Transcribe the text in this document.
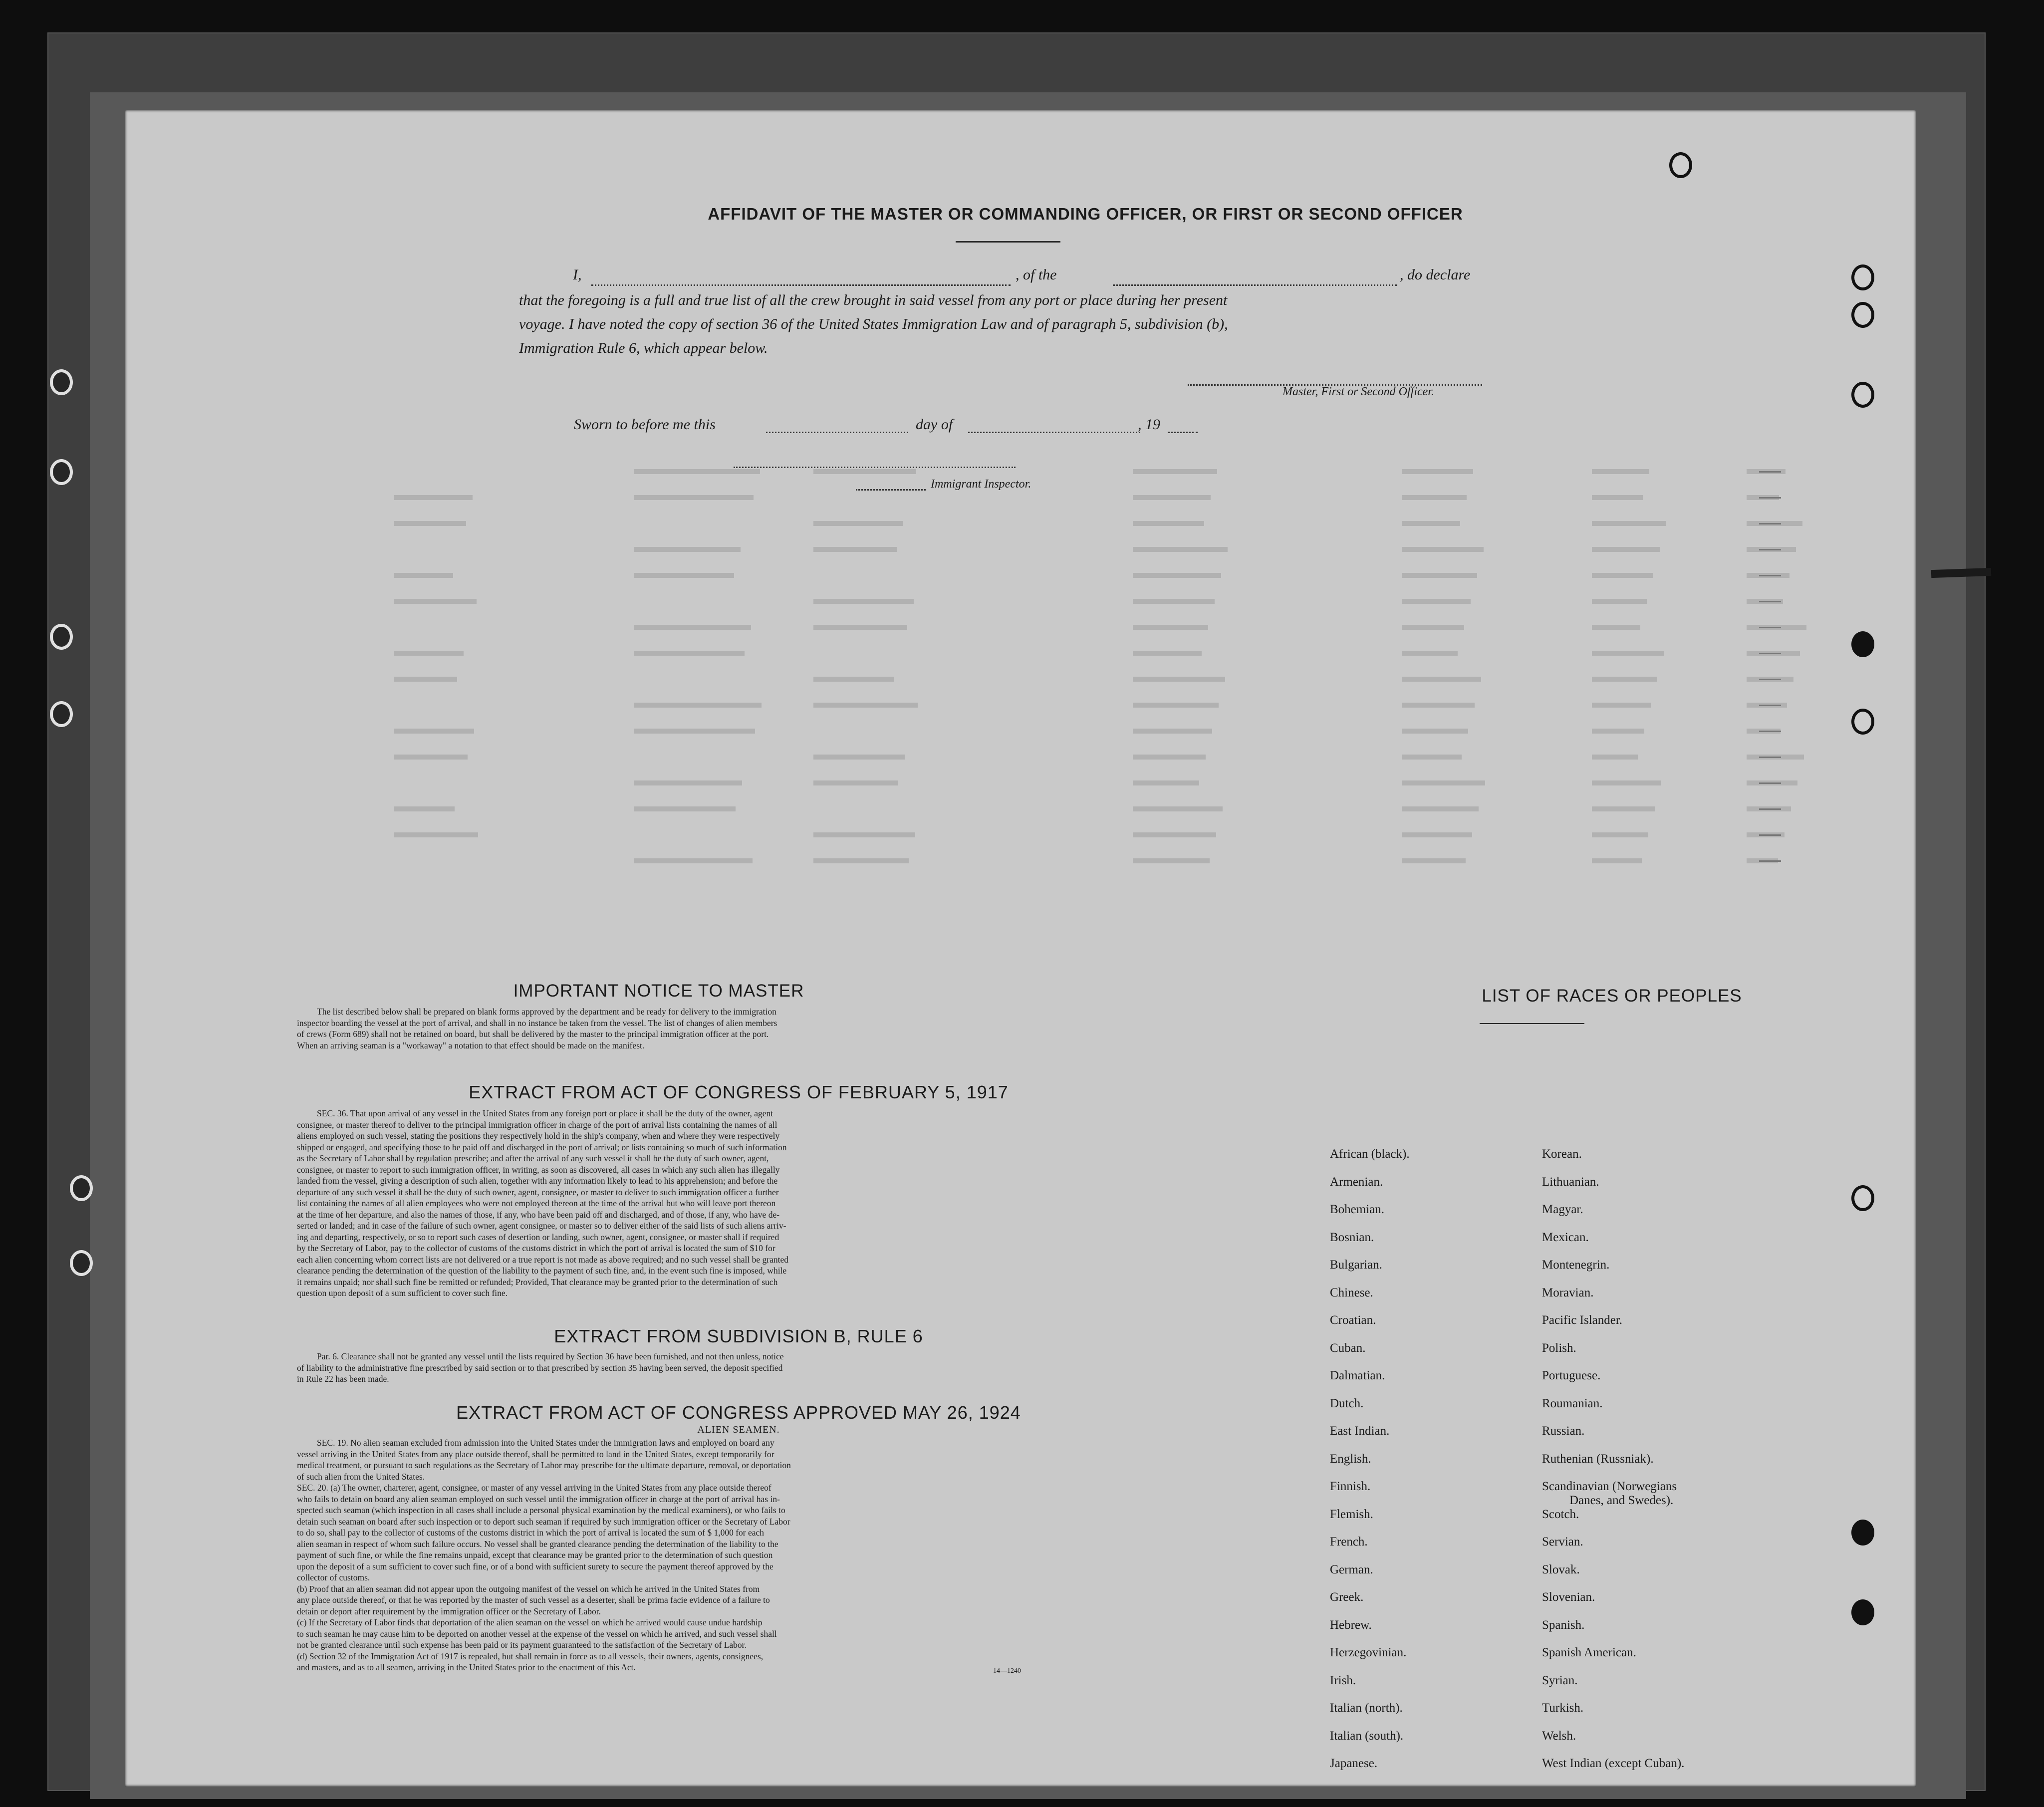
AFFIDAVIT OF THE MASTER OR COMMANDING OFFICER, OR FIRST OR SECOND OFFICER
I,	, of the	, do declare
that the foregoing is a full and true list of all the crew brought in said vessel from any port or place during her present
voyage. I have noted the copy of section 36 of the United States Immigration Law and of paragraph 5, subdivision (b),
Immigration Rule 6, which appear below.
Master, First or Second Officer.
Sworn to before me this	day of	, 19
Immigrant Inspector.
IMPORTANT NOTICE TO MASTER
The list described below shall be prepared on blank forms approved by the department and be ready for delivery to the immigration
inspector boarding the vessel at the port of arrival, and shall in no instance be taken from the vessel. The list of changes of alien members
of crews (Form 689) shall not be retained on board, but shall be delivered by the master to the principal immigration officer at the port.
When an arriving seaman is a "workaway" a notation to that effect should be made on the manifest.
EXTRACT FROM ACT OF CONGRESS OF FEBRUARY 5, 1917
SEC. 36. That upon arrival of any vessel in the United States from any foreign port or place it shall be the duty of the owner, agent
consignee, or master thereof to deliver to the principal immigration officer in charge of the port of arrival lists containing the names of all
aliens employed on such vessel, stating the positions they respectively hold in the ship's company, when and where they were respectively
shipped or engaged, and specifying those to be paid off and discharged in the port of arrival; or lists containing so much of such information
as the Secretary of Labor shall by regulation prescribe; and after the arrival of any such vessel it shall be the duty of such owner, agent,
consignee, or master to report to such immigration officer, in writing, as soon as discovered, all cases in which any such alien has illegally
landed from the vessel, giving a description of such alien, together with any information likely to lead to his apprehension; and before the
departure of any such vessel it shall be the duty of such owner, agent, consignee, or master to deliver to such immigration officer a further
list containing the names of all alien employees who were not employed thereon at the time of the arrival but who will leave port thereon
at the time of her departure, and also the names of those, if any, who have been paid off and discharged, and of those, if any, who have de-
serted or landed; and in case of the failure of such owner, agent consignee, or master so to deliver either of the said lists of such aliens arriv-
ing and departing, respectively, or so to report such cases of desertion or landing, such owner, agent, consignee, or master shall if required
by the Secretary of Labor, pay to the collector of customs of the customs district in which the port of arrival is located the sum of $10 for
each alien concerning whom correct lists are not delivered or a true report is not made as above required; and no such vessel shall be granted
clearance pending the determination of the question of the liability to the payment of such fine, and, in the event such fine is imposed, while
it remains unpaid; nor shall such fine be remitted or refunded; Provided, That clearance may be granted prior to the determination of such
question upon deposit of a sum sufficient to cover such fine.
EXTRACT FROM SUBDIVISION B, RULE 6
Par. 6. Clearance shall not be granted any vessel until the lists required by Section 36 have been furnished, and not then unless, notice
of liability to the administrative fine prescribed by said section or to that prescribed by section 35 having been served, the deposit specified
in Rule 22 has been made.
EXTRACT FROM ACT OF CONGRESS APPROVED MAY 26, 1924
ALIEN SEAMEN.
SEC. 19. No alien seaman excluded from admission into the United States under the immigration laws and employed on board any
vessel arriving in the United States from any place outside thereof, shall be permitted to land in the United States, except temporarily for
medical treatment, or pursuant to such regulations as the Secretary of Labor may prescribe for the ultimate departure, removal, or deportation
of such alien from the United States.
SEC. 20. (a) The owner, charterer, agent, consignee, or master of any vessel arriving in the United States from any place outside thereof
who fails to detain on board any alien seaman employed on such vessel until the immigration officer in charge at the port of arrival has in-
spected such seaman (which inspection in all cases shall include a personal physical examination by the medical examiners), or who fails to
detain such seaman on board after such inspection or to deport such seaman if required by such immigration officer or the Secretary of Labor
to do so, shall pay to the collector of customs of the customs district in which the port of arrival is located the sum of $ 1,000 for each
alien seaman in respect of whom such failure occurs. No vessel shall be granted clearance pending the determination of the liability to the
payment of such fine, or while the fine remains unpaid, except that clearance may be granted prior to the determination of such question
upon the deposit of a sum sufficient to cover such fine, or of a bond with sufficient surety to secure the payment thereof approved by the
collector of customs.
(b) Proof that an alien seaman did not appear upon the outgoing manifest of the vessel on which he arrived in the United States from
any place outside thereof, or that he was reported by the master of such vessel as a deserter, shall be prima facie evidence of a failure to
detain or deport after requirement by the immigration officer or the Secretary of Labor.
(c) If the Secretary of Labor finds that deportation of the alien seaman on the vessel on which he arrived would cause undue hardship
to such seaman he may cause him to be deported on another vessel at the expense of the vessel on which he arrived, and such vessel shall
not be granted clearance until such expense has been paid or its payment guaranteed to the satisfaction of the Secretary of Labor.
(d) Section 32 of the Immigration Act of 1917 is repealed, but shall remain in force as to all vessels, their owners, agents, consignees,
and masters, and as to all seamen, arriving in the United States prior to the enactment of this Act.	14—1240
LIST OF RACES OR PEOPLES
African (black).
Armenian.
Bohemian.
Bosnian.
Bulgarian.
Chinese.
Croatian.
Cuban.
Dalmatian.
Dutch.
East Indian.
English.
Finnish.
Flemish.
French.
German.
Greek.
Hebrew.
Herzegovinian.
Irish.
Italian (north).
Italian (south).
Japanese.
Korean.
Lithuanian.
Magyar.
Mexican.
Montenegrin.
Moravian.
Pacific Islander.
Polish.
Portuguese.
Roumanian.
Russian.
Ruthenian (Russniak).
Scandinavian (Norwegians
Danes, and Swedes).
Scotch.
Servian.
Slovak.
Slovenian.
Spanish.
Spanish American.
Syrian.
Turkish.
Welsh.
West Indian (except Cuban).
